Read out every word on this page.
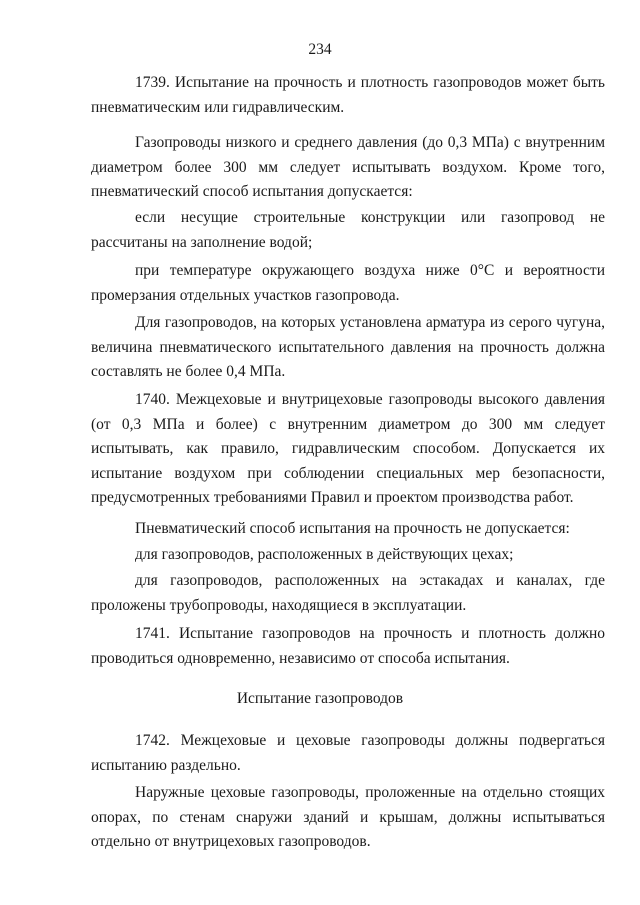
234

1739. Испытание на прочность и плотность газопроводов может быть пневматическим или гидравлическим.

Газопроводы низкого и среднего давления (до 0,3 МПа) с внутренним диаметром более 300 мм следует испытывать воздухом. Кроме того, пневматический способ испытания допускается:

если несущие строительные конструкции или газопровод не рассчитаны на заполнение водой;

при температуре окружающего воздуха ниже 0°С и вероятности промерзания отдельных участков газопровода.

Для газопроводов, на которых установлена арматура из серого чугуна, величина пневматического испытательного давления на прочность должна составлять не более 0,4 МПа.

1740. Межцеховые и внутрицеховые газопроводы высокого давления (от 0,3 МПа и более) с внутренним диаметром до 300 мм следует испытывать, как правило, гидравлическим способом. Допускается их испытание воздухом при соблюдении специальных мер безопасности, предусмотренных требованиями Правил и проектом производства работ.

Пневматический способ испытания на прочность не допускается:

для газопроводов, расположенных в действующих цехах;

для газопроводов, расположенных на эстакадах и каналах, где проложены трубопроводы, находящиеся в эксплуатации.

1741. Испытание газопроводов на прочность и плотность должно проводиться одновременно, независимо от способа испытания.

Испытание газопроводов

1742. Межцеховые и цеховые газопроводы должны подвергаться испытанию раздельно.

Наружные цеховые газопроводы, проложенные на отдельно стоящих опорах, по стенам снаружи зданий и крышам, должны испытываться отдельно от внутрицеховых газопроводов.
